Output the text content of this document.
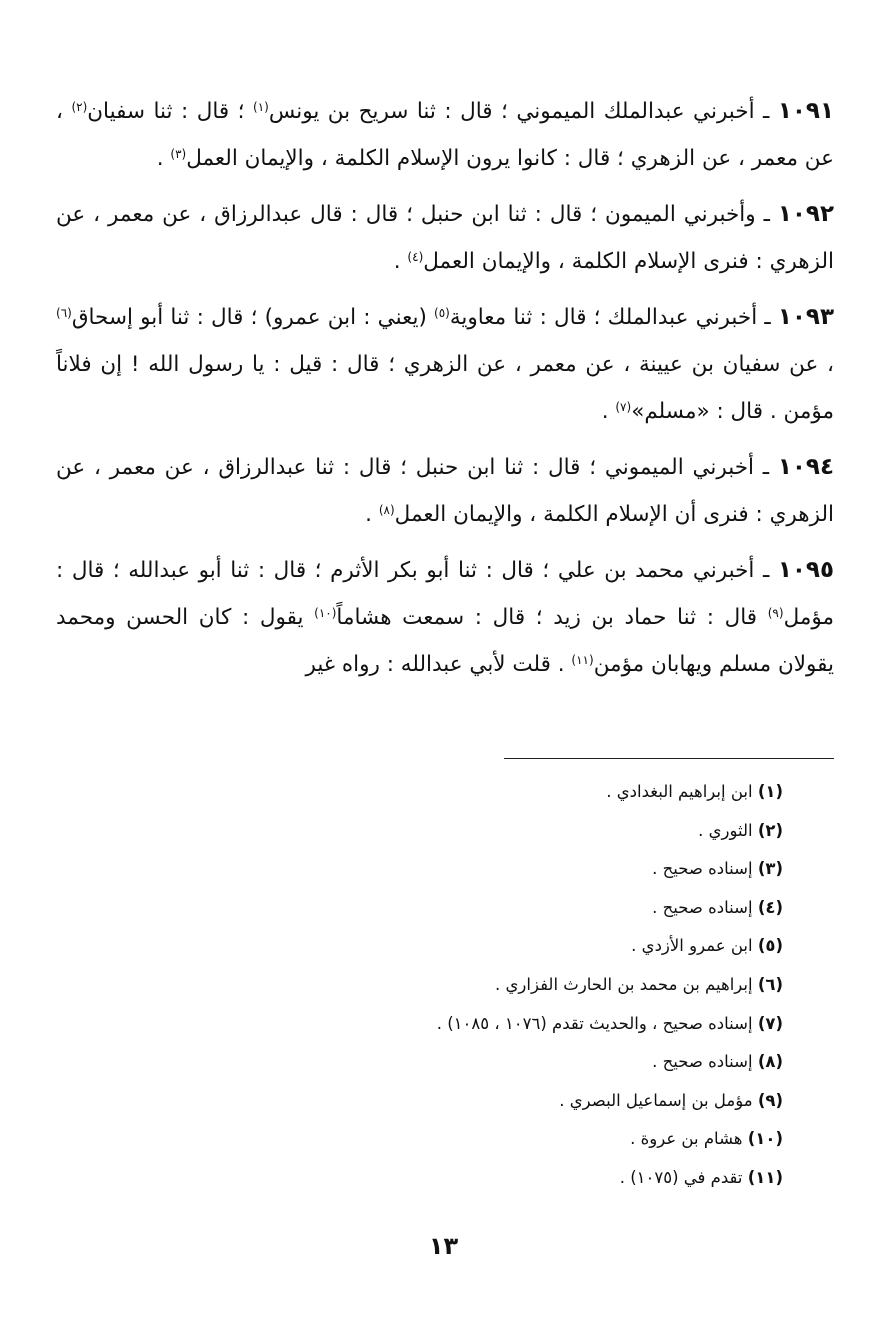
١٠٩١ ـ أخبرني عبدالملك الميموني ؛ قال : ثنا سريح بن يونس$^{(١)}$ ؛ قال : ثنا سفيان$^{(٢)}$ ، عن معمر ، عن الزهري ؛ قال : كانوا يرون الإسلام الكلمة ، والإيمان العمل$^{(٣)}$ .

١٠٩٢ ـ وأخبرني الميمون ؛ قال : ثنا ابن حنبل ؛ قال : قال عبدالرزاق ، عن معمر ، عن الزهري : فنرى الإسلام الكلمة ، والإيمان العمل$^{(٤)}$ .

١٠٩٣ ـ أخبرني عبدالملك ؛ قال : ثنا معاوية$^{(٥)}$ (يعني : ابن عمرو) ؛ قال : ثنا أبو إسحاق$^{(٦)}$ ، عن سفيان بن عيينة ، عن معمر ، عن الزهري ؛ قال : قيل : يا رسول الله ! إن فلاناً مؤمن . قال : «مسلم»$^{(٧)}$ .

١٠٩٤ ـ أخبرني الميموني ؛ قال : ثنا ابن حنبل ؛ قال : ثنا عبدالرزاق ، عن معمر ، عن الزهري : فنرى أن الإسلام الكلمة ، والإيمان العمل$^{(٨)}$ .

١٠٩٥ ـ أخبرني محمد بن علي ؛ قال : ثنا أبو بكر الأثرم ؛ قال : ثنا أبو عبدالله ؛ قال : مؤمل$^{(٩)}$ قال : ثنا حماد بن زيد ؛ قال : سمعت هشاماً$^{(١٠)}$ يقول : كان الحسن ومحمد يقولان مسلم ويهابان مؤمن$^{(١١)}$ . قلت لأبي عبدالله : رواه غير

(١) ابن إبراهيم البغدادي .
(٢) الثوري .
(٣) إسناده صحيح .
(٤) إسناده صحيح .
(٥) ابن عمرو الأزدي .
(٦) إبراهيم بن محمد بن الحارث الفزاري .
(٧) إسناده صحيح ، والحديث تقدم (١٠٧٦ ، ١٠٨٥) .
(٨) إسناده صحيح .
(٩) مؤمل بن إسماعيل البصري .
(١٠) هشام بن عروة .
(١١) تقدم في (١٠٧٥) .
١٣
